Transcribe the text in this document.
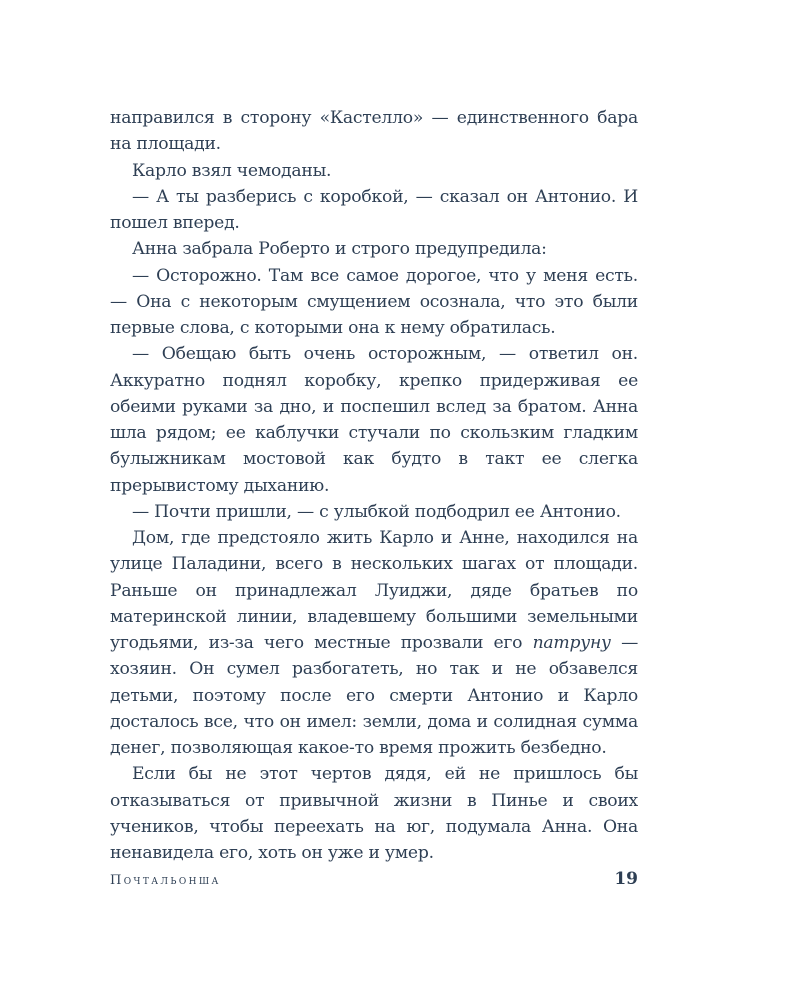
направился в сторону «Кастелло» — единственного бара на площади.

Карло взял чемоданы.

— А ты разберись с коробкой, — сказал он Антонио. И пошел вперед.

Анна забрала Роберто и строго предупредила:

— Осторожно. Там все самое дорогое, что у меня есть. — Она с некоторым смущением осознала, что это были первые слова, с которыми она к нему обратилась.

— Обещаю быть очень осторожным, — ответил он. Аккуратно поднял коробку, крепко придерживая ее обеими руками за дно, и поспешил вслед за братом. Анна шла рядом; ее каблучки стучали по скользким гладким булыжникам мостовой как будто в такт ее слегка прерывистому дыханию.

— Почти пришли, — с улыбкой подбодрил ее Антонио.

Дом, где предстояло жить Карло и Анне, находился на улице Паладини, всего в нескольких шагах от площади. Раньше он принадлежал Луиджи, дяде братьев по материнской линии, владевшему большими земельными угодьями, из-за чего местные прозвали его патруну — хозяин. Он сумел разбогатеть, но так и не обзавелся детьми, поэтому после его смерти Антонио и Карло досталось все, что он имел: земли, дома и солидная сумма денег, позволяющая какое-то время прожить безбедно.

Если бы не этот чертов дядя, ей не пришлось бы отказываться от привычной жизни в Пинье и своих учеников, чтобы переехать на юг, подумала Анна. Она ненавидела его, хоть он уже и умер.

Почтальонша	19
